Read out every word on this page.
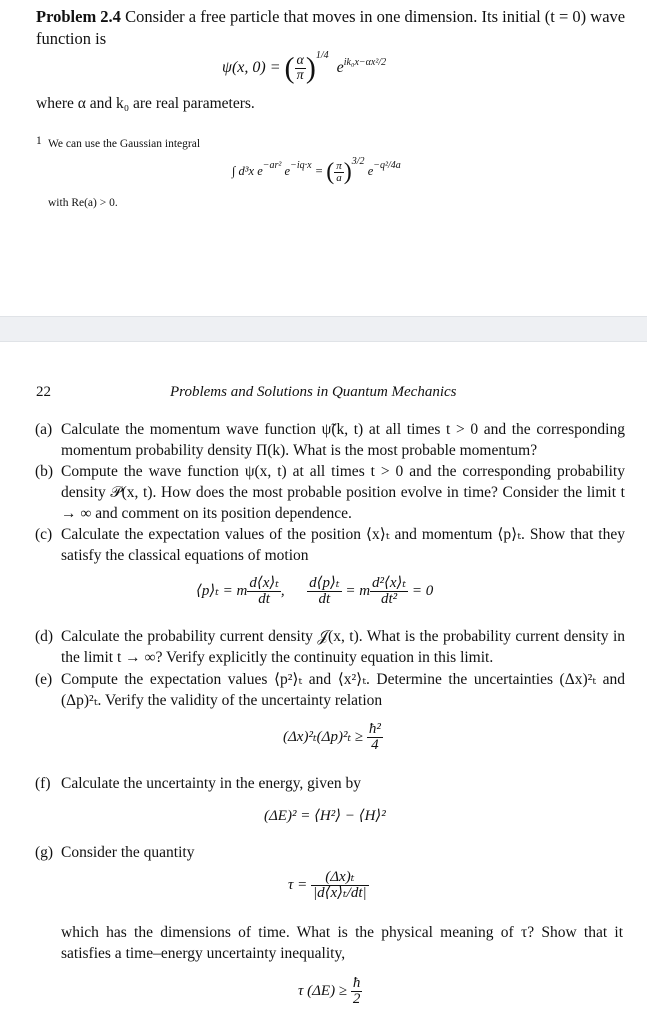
Problem 2.4 Consider a free particle that moves in one dimension. Its initial (t = 0) wave function is
ψ(x, 0) = ( $\frac{\alpha}{\pi} )^{1/4}$  $e^{ik_0x-\alpha x^2/2}$
where α and k₀ are real parameters.
1 We can use the Gaussian integral
∫ d³x $e^{-ar^2}$ $e^{-iq\cdot x}$ = ( $\frac{\pi}{a} )^{3/2}$ $e^{-q^2/4a}$
with Re(a) > 0.
22	Problems and Solutions in Quantum Mechanics
(a) Calculate the momentum wave function ψ̃(k, t) at all times t > 0 and the corresponding momentum probability density Π(k). What is the most probable momentum?
(b) Compute the wave function ψ(x, t) at all times t > 0 and the corresponding probability density 𝒫(x, t). How does the most probable position evolve in time? Consider the limit t → ∞ and comment on its position dependence.
(c) Calculate the expectation values of the position ⟨x⟩ₜ and momentum ⟨p⟩ₜ. Show that they satisfy the classical equations of motion
⟨p⟩ₜ = m $\frac{\text{d⟨x⟩ₜ}}{dt}$ , $\frac{\text{d⟨p⟩ₜ}}{dt} = m \frac{\text{d²⟨x⟩ₜ}}{\text{dt²}} = 0$
(d) Calculate the probability current density 𝒥(x, t). What is the probability current density in the limit t → ∞? Verify explicitly the continuity equation in this limit.
(e) Compute the expectation values ⟨p²⟩ₜ and ⟨x²⟩ₜ. Determine the uncertainties (Δx)²ₜ and (Δp)²ₜ. Verify the validity of the uncertainty relation
$(\Delta x)^2_t(\Delta p)^2_t \ge \frac{\text{ħ²}}{4}$
(f) Calculate the uncertainty in the energy, given by
(ΔE)² = ⟨H²⟩ − ⟨H⟩²
(g) Consider the quantity
$\tau = \frac{\text{(Δx)ₜ}}{\text{|d⟨x⟩ₜ/dt|}}$
which has the dimensions of time. What is the physical meaning of τ? Show that it satisfies a time–energy uncertainty inequality,
τ $(\Delta E) \ge \frac{ħ}{2}$
